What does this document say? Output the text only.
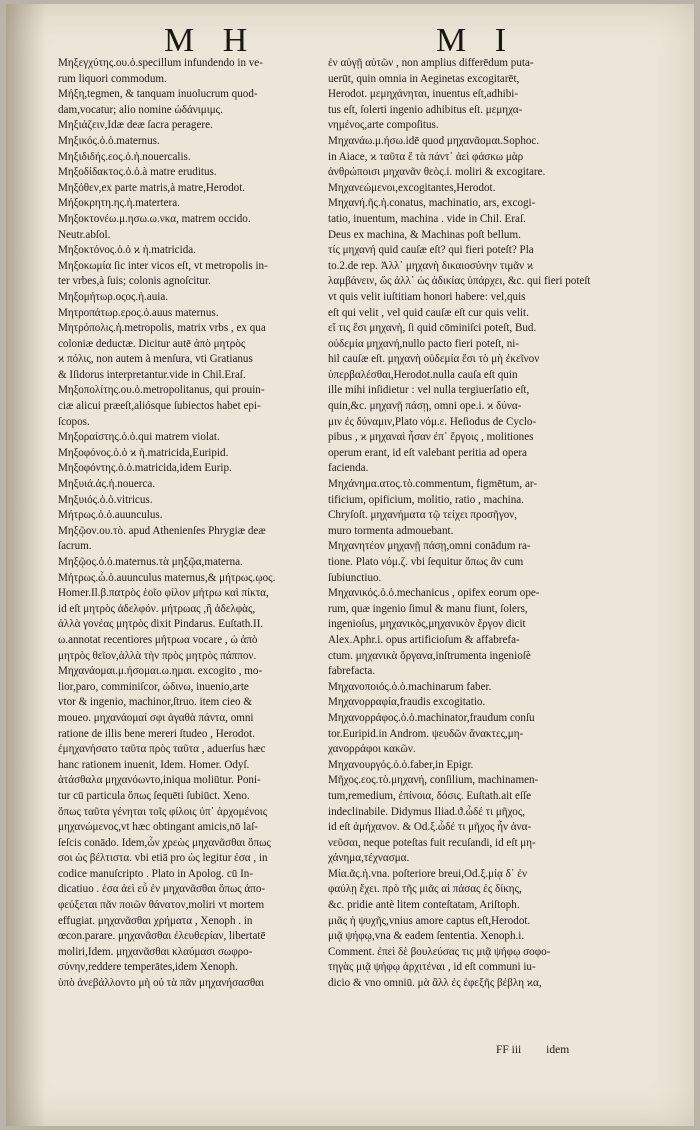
M H	M I
Μηξεγχύτης.ου.ὁ.specillum infundendo in ve-
rum liquori commodum.
Μήξη,tegmen, & tanquam inuolucrum quod-
dam,vocatur; alio nomine ὠδάνιμιμς.
Μηξιάζειν,Idæ deæ ſacra peragere.
Μηξικός.ὁ.ὁ.maternus.
Μηξιδιδής.εος.ὁ.ἡ.nouercalis.
Μηξοδίδακτος.ὁ.ὁ.à matre eruditus.
Μηξόθεν,ex parte matris,à matre,Herodot.
Μήξοκρητη.ης.ἡ.matertera.
Μηξοκτονέω.μ.ησω.ω.νκα, matrem occido.
Neutr.abſol.
Μηξοκτόνος.ὁ.ὁ ϰ ἡ.matricida.
Μηξοκωμία ſic inter vicos eſt, vt metropolis in-
ter vrbes,à ſuis; colonis agnoſcitur.
Μηξομήτωρ.οςος.ἡ.auia.
Μητροπάτωρ.ερος.ὁ.auus maternus.
Μητρόπολις.ἡ.metropolis, matrix vrbs , ex qua
coloniæ deductæ. Dicitur autē ἀπὸ μητρὸς
ϰ πόλις, non autem à menſura, vti Gratianus
& Iſidorus interpretantur.vide in Chil.Eraſ.
Μηξοπολίτης.ου.ὁ.metropolitanus, qui prouin-
ciæ alicui præeſt,aliósque ſubiectos habet epi-
ſcopos.
Μηξοραίστης.ὁ.ὁ.qui matrem violat.
Μηξοφόνος.ὁ.ὁ ϰ ἡ.matricida,Euripid.
Μηξοφόντης.ὁ.ὁ.matricida,idem Eurip.
Μηξυιά.ἁς.ἡ.nouerca.
Μηξυιός.ὁ.ὁ.vitricus.
Μήτρως.ὁ.ὁ.auunculus.
Μηξῷον.ου.τὸ. apud Athenienſes Phrygiæ deæ
ſacrum.
Μηξῷος.ὁ.ὁ.maternus.τὰ μηξῷα,materna.
Μήτρως.ὦ.ὁ.auunculus maternus,& μήτρως.ῳος.
Homer.Il.β.πατρὸς ἑοῖο φίλον μήτρω καὶ πίκτα,
id eſt μητρὸς ἀδελφόν. μήτρωας ,ἢ ἀδελφὰς,
ἀλλὰ γονέας μητρὸς dixit Pindarus. Euſtath.II.
ω.annotat recentiores μήτρωα vocare , ὡ ἀπὸ
μητρὸς θεῖον,ἀλλὰ τὴν πρὸς μητρὸς πάππον.
Μηχανάομαι.μ.ήσομαι.ω.ημαι. excogito , mo-
lior,paro, comminiſcor, ώδινω, inuenio,arte
vtor & ingenio, machinor,ſtruo. item cieo &
moueo. μηχανάομαί σφι ἀγαθὰ πάντα, omni
ratione de illis bene mereri ſtudeo , Herodot.
ἐμηχανήσατο ταῦτα πρὸς ταῦτα , aduerſus hæc
hanc rationem inuenit, Idem. Homer. Odyſ.
ἀτάσθαλα μηχανόωντο,iniqua moliūtur. Poni-
tur cū particula ὅπως ſequēti ſubiūct. Xeno.
ὅπως ταῦτα γένηται τοῖς φίλοις ὑπ᾽ ἀρχομένοις
μηχανώμενος,vt hæc obtingant amicis,nō laſ-
ſeſcis conādo. Idem,ὧν χρεὼς μηχανᾶσθαι ὅπως
σοι ὡς βέλτιστα. vbi etiā pro ὡς legitur ἐσα , in
codice manuſcripto . Plato in Apolog. cū In-
dicatiuo . ἐσα ἀεὶ εὖ ἐν μηχανᾶσθαι ὅπως ἀπο-
φεύξεται πᾶν ποιῶν θάνατον,moliri vt mortem
effugiat. μηχανᾶσθαι χρήματα , Xenoph . in
œcon.parare. μηχανᾶσθαι ἐλευθερίαν, libertatē
moliri,Idem. μηχανᾶσθαι κλαύμασι σωφρο-
σύνην,reddere temperātes,idem Xenoph.
ὑπὸ ἀνεβάλλοντο μὴ οὐ τὰ πᾶν μηχανήσασθαι
ἐν αὐγῇ αὐτῶν , non amplius differēdum puta-
uerūt, quin omnia in Aeginetas excogitarēt,
Herodot. μεμηχάνηται, inuentus eſt,adhibi-
tus eſt, ſolerti ingenio adhibitus eſt. μεμηχα-
νημένος,arte compoſitus.
Μηχανάω.μ.ήσω.idē quod μηχανᾶομαι.Sophoc.
in Aiace, ϰ ταῦτα ἔ τὰ πάντ᾽ ἀεὶ φάσκω μὰρ
ἀνθρώποισι μηχανᾶν θεὸς.i. moliri & excogitare.
Μηχανεώμενοι,excogitantes,Herodot.
Μηχανή.ῆς.ἡ.conatus, machinatio, ars, excogi-
tatio, inuentum, machina . vide in Chil. Eraſ.
Deus ex machina, & Machinas poſt bellum.
τίς μηχανή quid cauſæ eſt? qui fieri poteſt? Pla
to.2.de rep. Ἀλλ᾽ μηχανὴ δικαιοσύνην τιμᾶν ϰ
λαμβάνειν, ὥς ἀλλ᾽ ὡς ἀδικίας ὑπάρχει, &c. qui fieri poteſt
vt quis velit iuſtitiam honori habere: vel,quis
eſt qui velit , vel quid cauſæ eſt cur quis velit.
εἴ τις ἔσι μηχανὴ, ſi quid cōminiſci poteſt, Bud.
οὐδεμία μηχανή,nullo pacto fieri poteſt, ni-
hil cauſæ eſt. μηχανὴ οὐδεμία ἔσι τὸ μὴ ἐκεῖνον
ὑπερβαλέσθαι,Herodot.nulla cauſa eſt quin
ille mihi inſidietur : vel nulla tergiuerſatio eſt,
quin,&c. μηχανῇ πάσῃ, omni ope.i. ϰ δύνα-
μιν ἐς δύναμιν,Plato νόμ.ε. Heſiodus de Cyclo-
pibus , ϰ μηχαναὶ ἦσαν ἐπ᾽ ἔργοις , molitiones
operum erant, id eſt valebant peritia ad opera
facienda.
Μηχάνημα.ατος.τὸ.commentum, figmētum, ar-
tificium, opificium, molitio, ratio , machina.
Chryſoſt. μηχανήματα τῷ τείχει προσῆγον,
muro tormenta admouebant.
Μηχανητέον μηχανῇ πάσῃ,omni conādum ra-
tione. Plato νόμ.ζ. vbi ſequitur ὅπως ἂν cum
ſubiunctiuo.
Μηχανικός.ὁ.ὁ.mechanicus , opifex eorum ope-
rum, quæ ingenio ſimul & manu fiunt, ſolers,
ingenioſus, μηχανικὸς,μηχανικὸν ἔργον dicit
Alex.Aphr.i. opus artificioſum & affabrefa-
ctum. μηχανικὰ ὄργανα,inſtrumenta ingenioſè
fabrefacta.
Μηχανοποιός.ὁ.ὁ.machinarum faber.
Μηχανορραφία,fraudis excogitatio.
Μηχανορράφος.ὁ.ὁ.machinator,fraudum conſu
tor.Euripid.in Androm. ψευδῶν ἄνακτες,μη-
χανορράφοι κακῶν.
Μηχανουργός.ὁ.ὁ.faber,in Epigr.
Μῆχος.εος.τὸ.μηχανή, conſilium, machinamen-
tum,remedium, ἐπίνοια, δόσις. Euſtath.ait eſſe
indeclinabile. Didymus Iliad.ϑ.ὦδέ τι μῆχος,
id eſt ἀμήχανον. & Od.ξ.ὦδέ τι μῆχος ἦν ἀνα-
νεῦσαι, neque poteſtas fuit recuſandi, id eſt μη-
χάνημα,τέχνασμα.
Μία.ᾶς.ἡ.vna. poſteriore breui,Od.ξ.μίᾳ δ᾽ ἐν
φαύλῃ ἔχει. πρὸ τῆς μιᾶς αἱ πάσας ἐς δίκης,
&c. pridie antè litem conteſtatam, Ariſtoph.
μιᾶς ἡ ψυχῆς,vnius amore captus eſt,Herodot.
μιᾷ ψήφῳ,vna & eadem ſententia. Xenoph.i.
Comment. ἐπεὶ δὲ βουλεύσας τις μιᾷ ψήφῳ σοφο-
τηγὰς μιᾷ ψήφῳ ἀρχιτέναι , id eſt communi iu-
dicio & vno omniū. μὰ ἂλλ ἐς ἐφεξῆς βέβλη ϰα,
FF iii idem
